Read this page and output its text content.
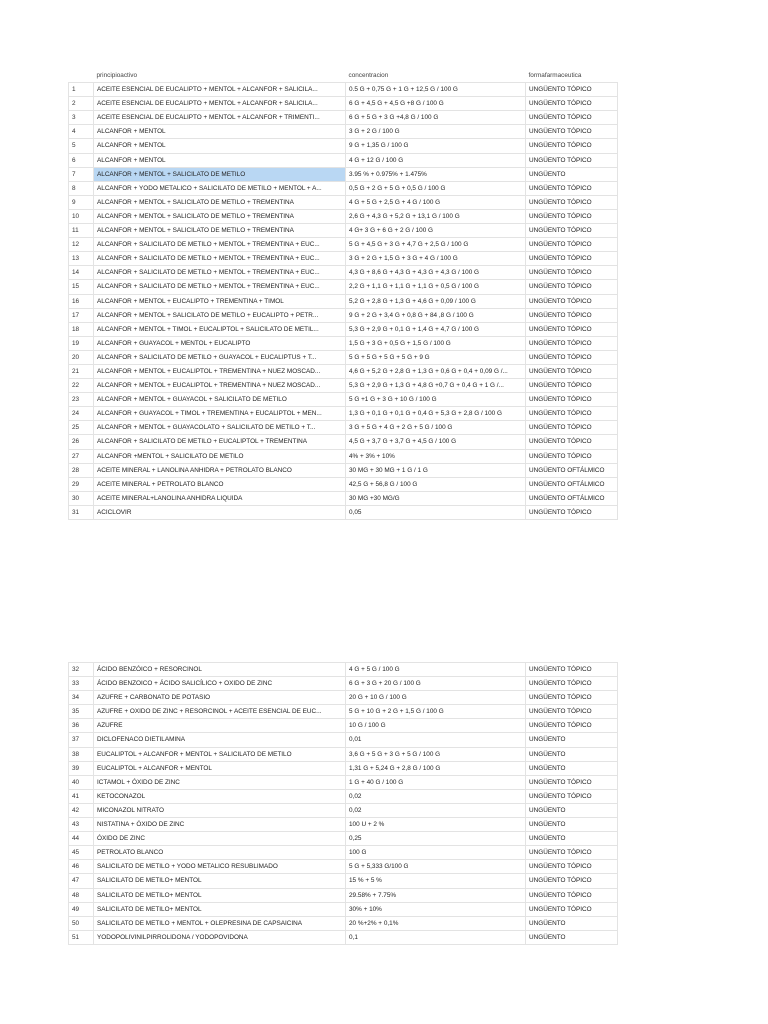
	principioactivo	concentracion	formafarmaceutica
1	ACEITE ESENCIAL DE EUCALIPTO + MENTOL + ALCANFOR + SALICILA...	0.5 G + 0,75 G + 1 G + 12,5 G / 100 G	UNGÜENTO TÓPICO
2	ACEITE ESENCIAL DE EUCALIPTO + MENTOL + ALCANFOR + SALICILA...	6 G + 4,5 G + 4,5 G +8 G / 100 G	UNGÜENTO TÓPICO
3	ACEITE ESENCIAL DE EUCALIPTO + MENTOL + ALCANFOR + TRIMENTI...	6 G + 5 G + 3 G +4,8 G / 100 G	UNGÜENTO TÓPICO
4	ALCANFOR + MENTOL	3 G + 2 G / 100 G	UNGÜENTO TÓPICO
5	ALCANFOR + MENTOL	9 G + 1,35 G / 100 G	UNGÜENTO TÓPICO
6	ALCANFOR + MENTOL	4 G + 12 G / 100 G	UNGÜENTO TÓPICO
7	ALCANFOR + MENTOL + SALICILATO DE METILO	3.95 % + 0.975% + 1.475%	UNGÜENTO
8	ALCANFOR + YODO METALICO + SALICILATO DE METILO + MENTOL + A...	0,5 G + 2 G + 5 G + 0,5 G / 100 G	UNGÜENTO TÓPICO
9	ALCANFOR + MENTOL + SALICILATO DE METILO + TREMENTINA	4 G + 5 G + 2,5 G + 4 G / 100 G	UNGÜENTO TÓPICO
10	ALCANFOR + MENTOL + SALICILATO DE METILO + TREMENTINA	2,6 G + 4,3 G + 5,2 G + 13,1 G / 100 G	UNGÜENTO TÓPICO
11	ALCANFOR + MENTOL + SALICILATO DE METILO + TREMENTINA	4 G+ 3 G + 6 G + 2 G / 100 G	UNGÜENTO TÓPICO
12	ALCANFOR + SALICILATO DE METILO + MENTOL + TREMENTINA + EUC...	5 G + 4,5 G + 3 G + 4,7 G + 2,5 G / 100 G	UNGÜENTO TÓPICO
13	ALCANFOR + SALICILATO DE METILO + MENTOL + TREMENTINA + EUC...	3 G + 2 G + 1,5 G + 3 G + 4 G / 100 G	UNGÜENTO TÓPICO
14	ALCANFOR + SALICILATO DE METILO + MENTOL + TREMENTINA + EUC...	4,3 G + 8,6 G + 4,3 G + 4,3 G + 4,3 G / 100 G	UNGÜENTO TÓPICO
15	ALCANFOR + SALICILATO DE METILO + MENTOL + TREMENTINA + EUC...	2,2 G + 1,1 G + 1,1 G + 1,1 G + 0,5 G / 100 G	UNGÜENTO TÓPICO
16	ALCANFOR + MENTOL + EUCALIPTO + TREMENTINA + TIMOL	5,2 G + 2,8 G + 1,3 G + 4,6 G + 0,09 / 100 G	UNGÜENTO TÓPICO
17	ALCANFOR + MENTOL + SALICILATO DE METILO + EUCALIPTO + PETR...	9 G + 2 G + 3,4 G + 0,8 G + 84 ,8 G / 100 G	UNGÜENTO TÓPICO
18	ALCANFOR + MENTOL + TIMOL + EUCALIPTOL + SALICILATO DE METIL...	5,3 G + 2,9 G + 0,1 G + 1,4 G + 4,7 G / 100 G	UNGÜENTO TÓPICO
19	ALCANFOR + GUAYACOL + MENTOL + EUCALIPTO	1,5 G + 3 G + 0,5 G + 1,5 G / 100 G	UNGÜENTO TÓPICO
20	ALCANFOR + SALICILATO DE METILO + GUAYACOL + EUCALIPTUS + T...	5 G + 5 G + 5 G + 5 G + 9 G	UNGÜENTO TÓPICO
21	ALCANFOR + MENTOL + EUCALIPTOL + TREMENTINA + NUEZ MOSCAD...	4,6 G + 5,2 G + 2,8 G + 1,3 G + 0,6 G + 0,4 + 0,09 G /...	UNGÜENTO TÓPICO
22	ALCANFOR + MENTOL + EUCALIPTOL + TREMENTINA + NUEZ MOSCAD...	5,3 G + 2,9 G + 1,3 G + 4,8 G +0,7 G + 0,4 G + 1 G /...	UNGÜENTO TÓPICO
23	ALCANFOR + MENTOL + GUAYACOL + SALICILATO DE METILO	5 G +1 G + 3 G + 10 G / 100 G	UNGÜENTO TÓPICO
24	ALCANFOR + GUAYACOL + TIMOL + TREMENTINA + EUCALIPTOL + MEN...	1,3 G + 0,1 G + 0,1 G + 0,4 G + 5,3 G + 2,8 G / 100 G	UNGÜENTO TÓPICO
25	ALCANFOR + MENTOL + GUAYACOLATO + SALICILATO DE METILO + T...	3 G + 5 G + 4 G + 2 G + 5 G / 100 G	UNGÜENTO TÓPICO
26	ALCANFOR + SALICILATO DE METILO + EUCALIPTOL + TREMENTINA	4,5 G + 3,7 G + 3,7 G + 4,5 G / 100 G	UNGÜENTO TÓPICO
27	ALCANFOR +MENTOL + SALICILATO DE METILO	4% + 3% + 10%	UNGÜENTO TÓPICO
28	ACEITE MINERAL + LANOLINA ANHIDRA + PETROLATO BLANCO	30 MG + 30 MG + 1 G / 1 G	UNGÜENTO OFTÁLMICO
29	ACEITE MINERAL + PETROLATO BLANCO	42,5 G + 56,8 G / 100 G	UNGÜENTO OFTÁLMICO
30	ACEITE MINERAL+LANOLINA ANHIDRA LIQUIDA	30 MG +30 MG/G	UNGÜENTO OFTÁLMICO
31	ACICLOVIR	0,05	UNGÜENTO TÓPICO
32	ÁCIDO BENZÓICO + RESORCINOL	4 G + 5 G / 100 G	UNGÜENTO TÓPICO
33	ÁCIDO BENZOICO + ÁCIDO SALICÍLICO + OXIDO DE ZINC	6 G + 3 G + 20 G / 100 G	UNGÜENTO TÓPICO
34	AZUFRE + CARBONATO DE POTASIO	20 G + 10 G / 100 G	UNGÜENTO TÓPICO
35	AZUFRE + OXIDO DE ZINC + RESORCINOL + ACEITE ESENCIAL DE EUC...	5 G + 10 G + 2 G + 1,5 G / 100 G	UNGÜENTO TÓPICO
36	AZUFRE	10 G / 100 G	UNGÜENTO TÓPICO
37	DICLOFENACO DIETILAMINA	0,01	UNGÜENTO
38	EUCALIPTOL + ALCANFOR + MENTOL + SALICILATO DE METILO	3,6 G + 5 G + 3 G + 5 G / 100 G	UNGÜENTO
39	EUCALIPTOL + ALCANFOR + MENTOL	1,31 G + 5,24 G + 2,8 G / 100 G	UNGÜENTO
40	ICTAMOL + ÓXIDO DE ZINC	1 G + 40 G / 100 G	UNGÜENTO TÓPICO
41	KETOCONAZOL	0,02	UNGÜENTO TÓPICO
42	MICONAZOL NITRATO	0,02	UNGÜENTO
43	NISTATINA + ÓXIDO DE ZINC	100 U + 2 %	UNGÜENTO
44	ÓXIDO DE ZINC	0,25	UNGÜENTO
45	PETROLATO BLANCO	100 G	UNGÜENTO TÓPICO
46	SALICILATO DE METILO + YODO METALICO RESUBLIMADO	5 G + 5,333 G/100 G	UNGÜENTO TÓPICO
47	SALICILATO DE METILO+ MENTOL	15 % + 5 %	UNGÜENTO TÓPICO
48	SALICILATO DE METILO+ MENTOL	29.58% + 7.75%	UNGÜENTO TÓPICO
49	SALICILATO DE METILO+ MENTOL	30% + 10%	UNGÜENTO TÓPICO
50	SALICILATO DE METILO + MENTOL + OLEPRESINA DE CAPSAICINA	20 %+2% + 0,1%	UNGÜENTO
51	YODOPOLIVINILPIRROLIDONA / YODOPOVIDONA	0,1	UNGÜENTO
